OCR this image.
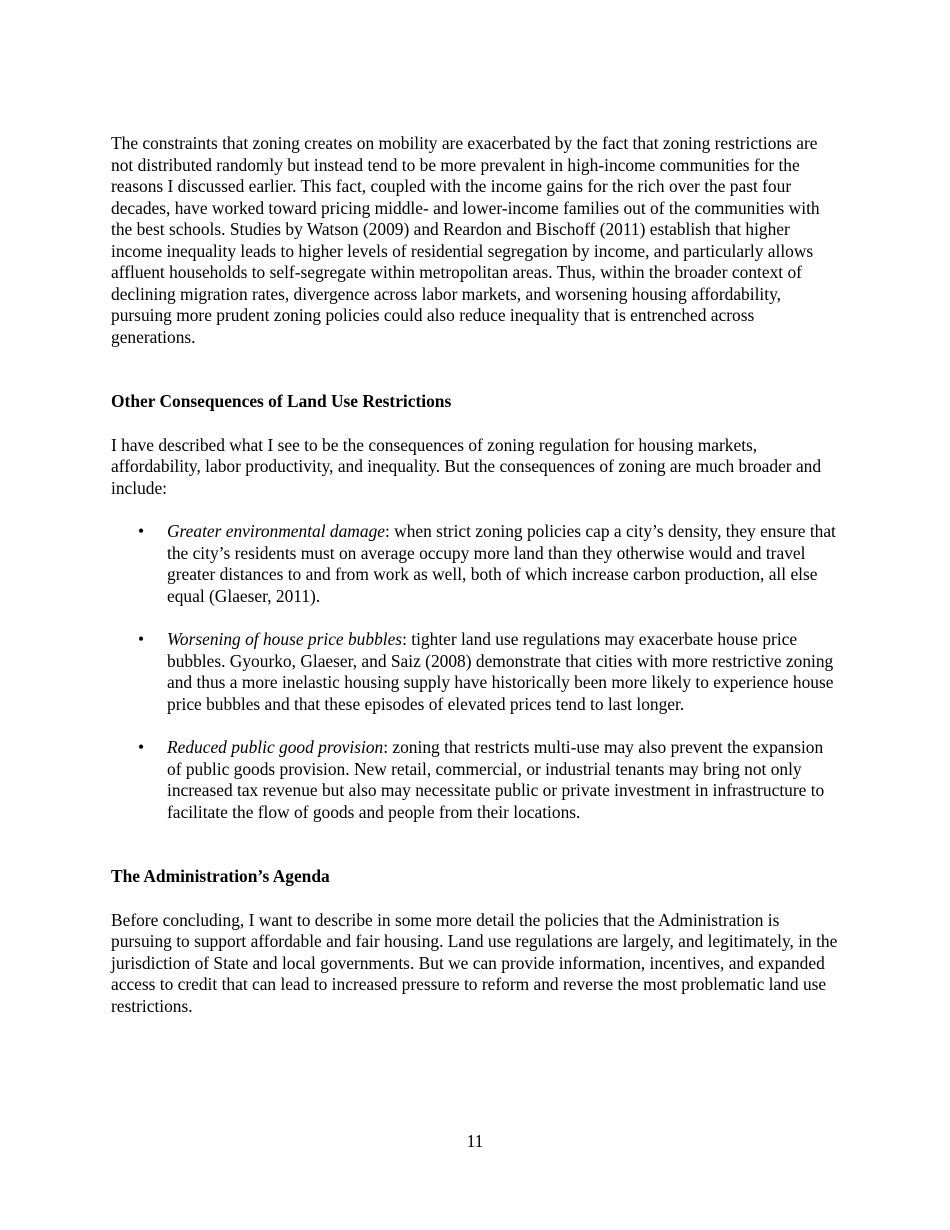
The constraints that zoning creates on mobility are exacerbated by the fact that zoning restrictions are not distributed randomly but instead tend to be more prevalent in high-income communities for the reasons I discussed earlier. This fact, coupled with the income gains for the rich over the past four decades, have worked toward pricing middle- and lower-income families out of the communities with the best schools. Studies by Watson (2009) and Reardon and Bischoff (2011) establish that higher income inequality leads to higher levels of residential segregation by income, and particularly allows affluent households to self-segregate within metropolitan areas. Thus, within the broader context of declining migration rates, divergence across labor markets, and worsening housing affordability, pursuing more prudent zoning policies could also reduce inequality that is entrenched across generations.

Other Consequences of Land Use Restrictions

I have described what I see to be the consequences of zoning regulation for housing markets, affordability, labor productivity, and inequality. But the consequences of zoning are much broader and include:

• Greater environmental damage: when strict zoning policies cap a city’s density, they ensure that the city’s residents must on average occupy more land than they otherwise would and travel greater distances to and from work as well, both of which increase carbon production, all else equal (Glaeser, 2011).
• Worsening of house price bubbles: tighter land use regulations may exacerbate house price bubbles. Gyourko, Glaeser, and Saiz (2008) demonstrate that cities with more restrictive zoning and thus a more inelastic housing supply have historically been more likely to experience house price bubbles and that these episodes of elevated prices tend to last longer.
• Reduced public good provision: zoning that restricts multi-use may also prevent the expansion of public goods provision. New retail, commercial, or industrial tenants may bring not only increased tax revenue but also may necessitate public or private investment in infrastructure to facilitate the flow of goods and people from their locations.

The Administration’s Agenda

Before concluding, I want to describe in some more detail the policies that the Administration is pursuing to support affordable and fair housing. Land use regulations are largely, and legitimately, in the jurisdiction of State and local governments. But we can provide information, incentives, and expanded access to credit that can lead to increased pressure to reform and reverse the most problematic land use restrictions.

11
